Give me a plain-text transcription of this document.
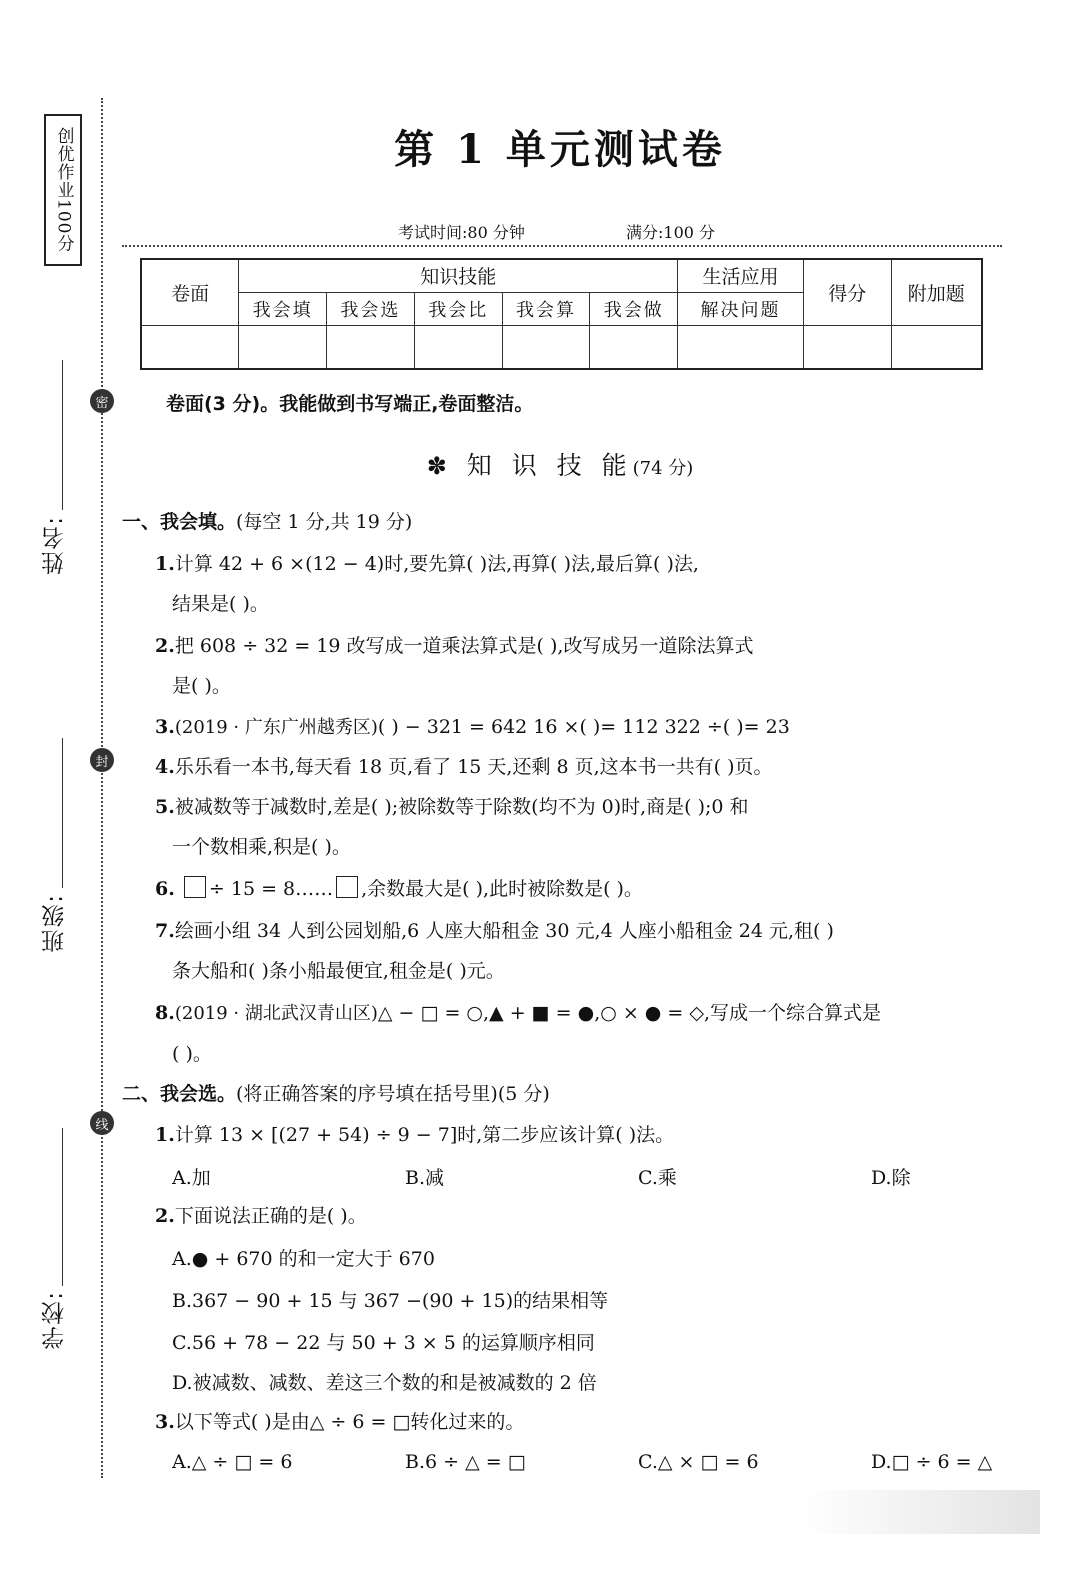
创优作业100分
密
封
线
姓名:
班级:
学校:
第 1 单元测试卷
考试时间:80 分钟	满分:100 分
卷面	知识技能					生活应用	得分	附加题
	我会填	我会选	我会比	我会算	我会做	解决问题		

卷面(3 分)。我能做到书写端正,卷面整洁。
✽ 知 识 技 能(74 分)
一、我会填。(每空 1 分,共 19 分)
1.计算 42 + 6 ×(12 − 4)时,要先算( )法,再算( )法,最后算( )法,
结果是( )。
2.把 608 ÷ 32 = 19 改写成一道乘法算式是( ),改写成另一道除法算式
是( )。
3.(2019 · 广东广州越秀区)( ) − 321 = 642 16 ×( )= 112 322 ÷( )= 23
4.乐乐看一本书,每天看 18 页,看了 15 天,还剩 8 页,这本书一共有( )页。
5.被减数等于减数时,差是( );被除数等于除数(均不为 0)时,商是( );0 和
一个数相乘,积是( )。
6. ÷ 15 = 8…… ,余数最大是( ),此时被除数是( )。
7.绘画小组 34 人到公园划船,6 人座大船租金 30 元,4 人座小船租金 24 元,租( )
条大船和( )条小船最便宜,租金是( )元。
8.(2019 · 湖北武汉青山区)△ − □ = ○,▲ + ■ = ●,○ × ● = ◇,写成一个综合算式是
( )。
二、我会选。(将正确答案的序号填在括号里)(5 分)
1.计算 13 × [(27 + 54) ÷ 9 − 7]时,第二步应该计算( )法。
A.加	B.减	C.乘	D.除
2.下面说法正确的是( )。
A.● + 670 的和一定大于 670
B.367 − 90 + 15 与 367 −(90 + 15)的结果相等
C.56 + 78 − 22 与 50 + 3 × 5 的运算顺序相同
D.被减数、减数、差这三个数的和是被减数的 2 倍
3.以下等式( )是由△ ÷ 6 = □转化过来的。
A.△ ÷ □ = 6	B.6 ÷ △ = □	C.△ × □ = 6	D.□ ÷ 6 = △
